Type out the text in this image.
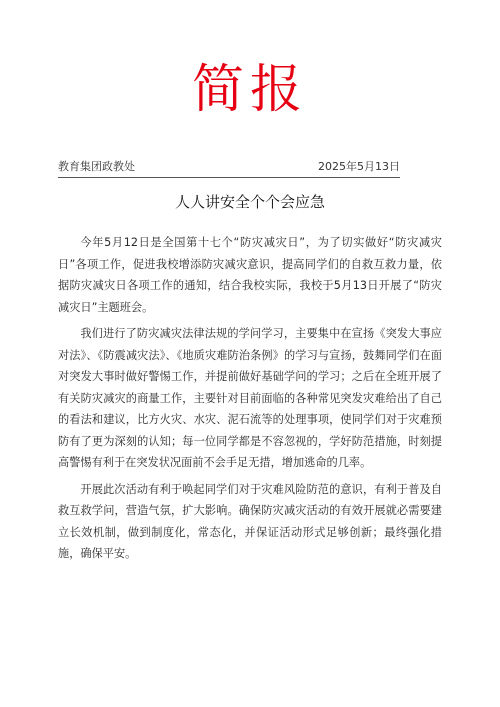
简报
教育集团政教处	2025年5月13日
人人讲安全个个会应急

今年5月12日是全国第十七个“防灾减灾日”，为了切实做好“防灾减灾日”各项工作，促进我校增添防灾减灾意识，提高同学们的自救互救力量，依据防灾减灾日各项工作的通知，结合我校实际，我校于5月13日开展了“防灾减灾日”主题班会。

我们进行了防灾减灾法律法规的学问学习，主要集中在宣扬《突发大事应对法》、《防震减灾法》、《地质灾难防治条例》的学习与宣扬，鼓舞同学们在面对突发大事时做好警惕工作，并提前做好基础学问的学习；之后在全班开展了有关防灾减灾的商量工作，主要针对目前面临的各种常见突发灾难给出了自己的看法和建议，比方火灾、水灾、泥石流等的处理事项，使同学们对于灾难预防有了更为深刻的认知；每一位同学都是不容忽视的，学好防范措施，时刻提高警惕有利于在突发状况面前不会手足无措，增加逃命的几率。

开展此次活动有利于唤起同学们对于灾难风险防范的意识，有利于普及自救互救学问，营造气氛，扩大影响。确保防灾减灾活动的有效开展就必需要建立长效机制，做到制度化，常态化，并保证活动形式足够创新；最终强化措施，确保平安。
